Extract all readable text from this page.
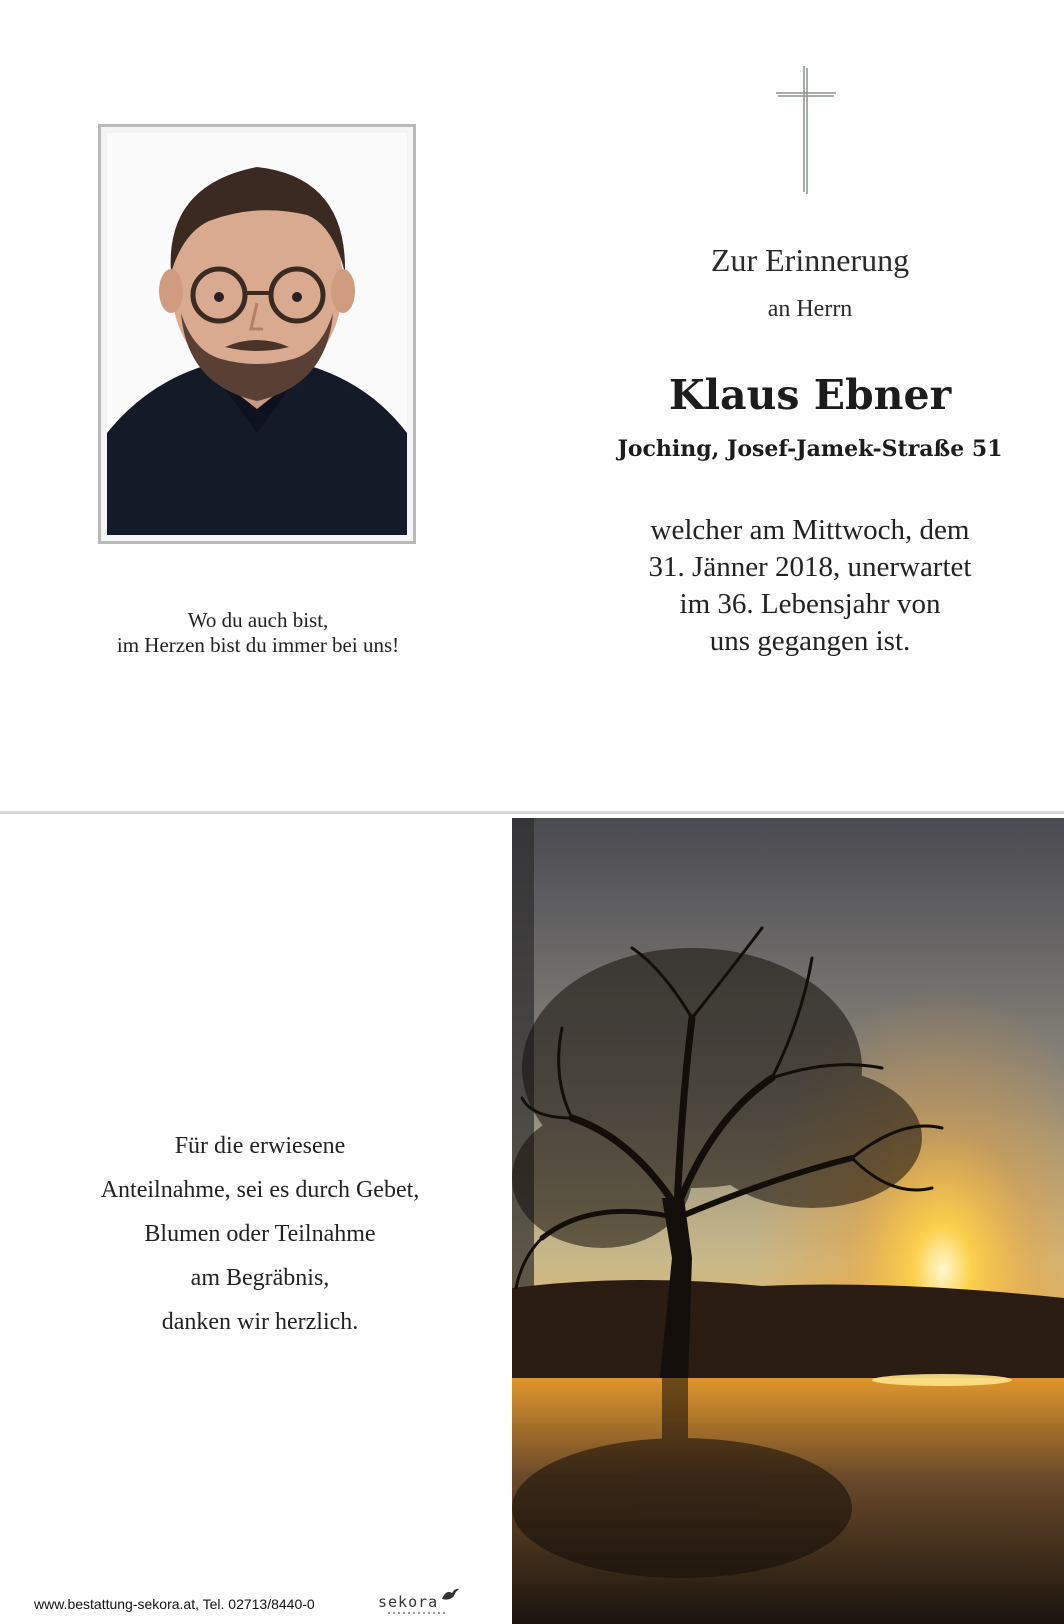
Wo du auch bist,
im Herzen bist du immer bei uns!
Zur Erinnerung
an Herrn
Klaus Ebner
Joching, Josef-Jamek-Straße 51
welcher am Mittwoch, dem
31. Jänner 2018, unerwartet
im 36. Lebensjahr von
uns gegangen ist.
Für die erwiesene
Anteilnahme, sei es durch Gebet,
Blumen oder Teilnahme
am Begräbnis,
danken wir herzlich.
www.bestattung-sekora.at, Tel. 02713/8440-0	sekora
